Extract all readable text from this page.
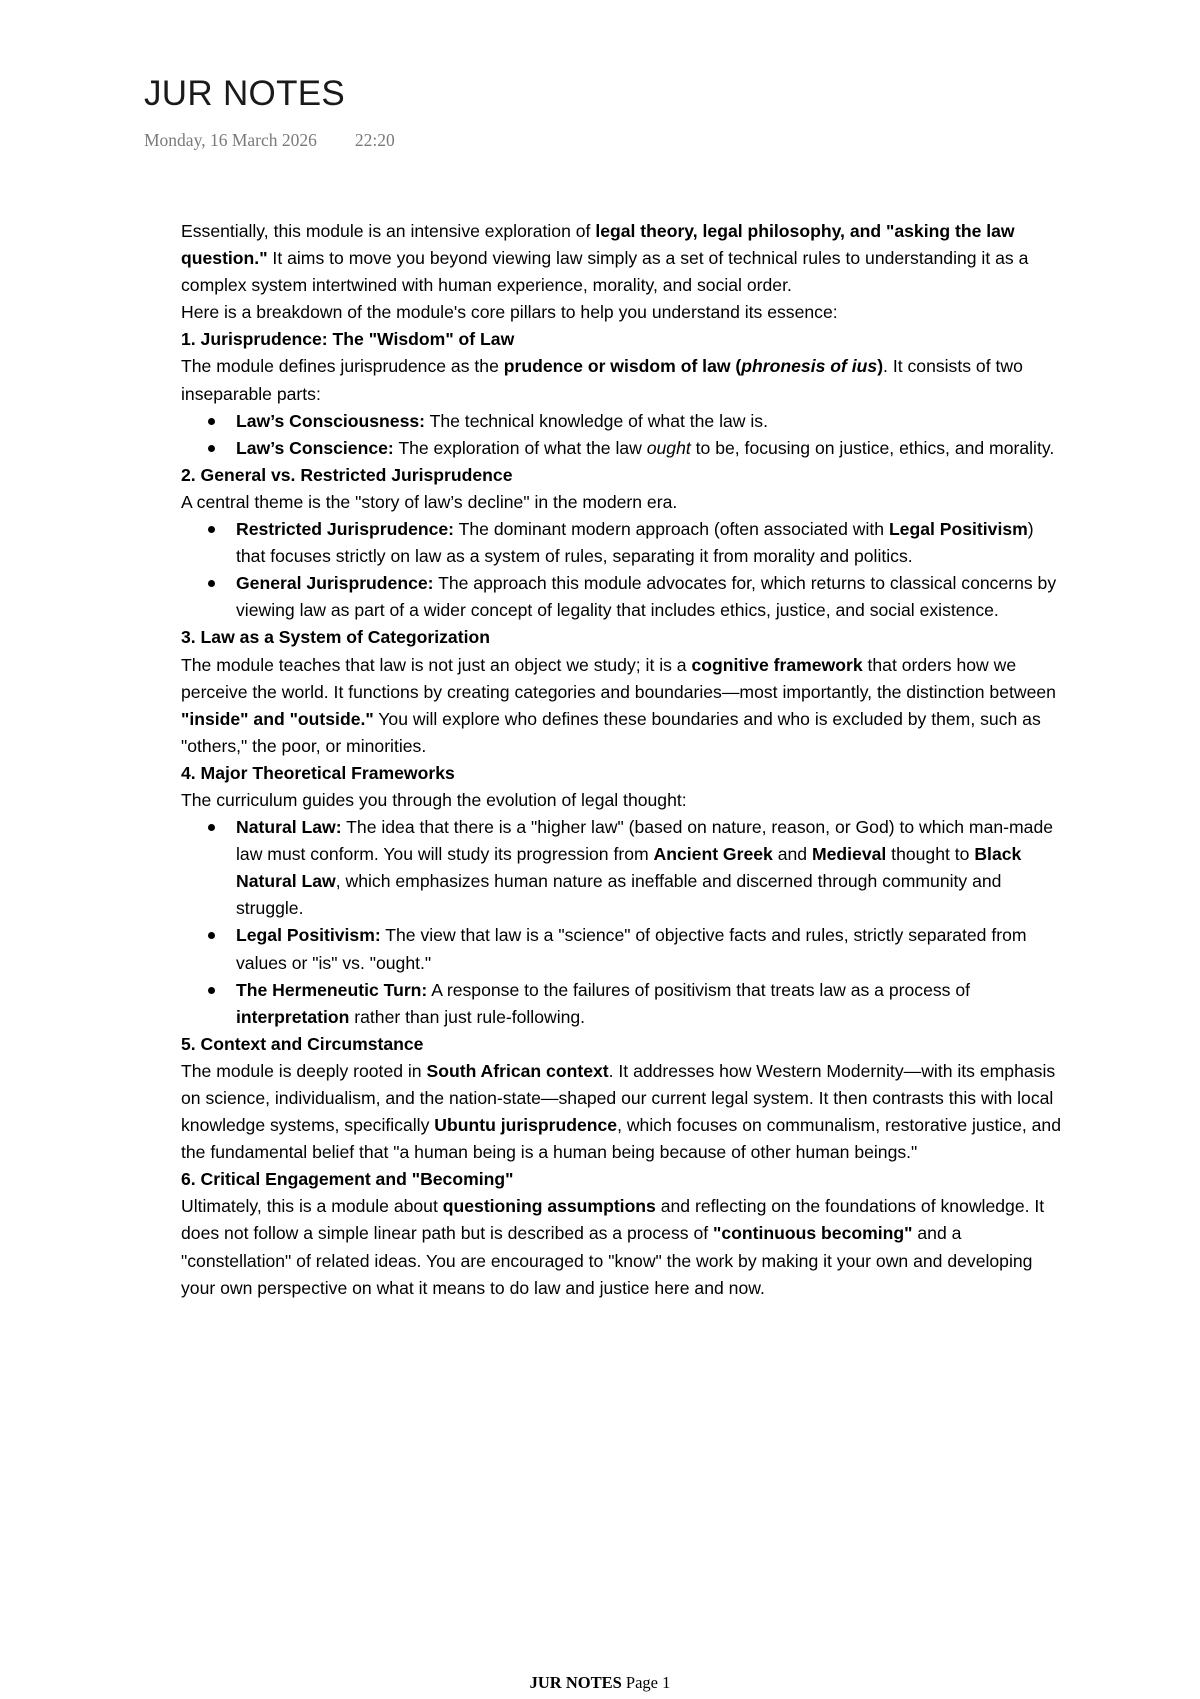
JUR NOTES
Monday, 16 March 2026 22:20

Essentially, this module is an intensive exploration of legal theory, legal philosophy, and "asking the law question." It aims to move you beyond viewing law simply as a set of technical rules to understanding it as a complex system intertwined with human experience, morality, and social order.

Here is a breakdown of the module's core pillars to help you understand its essence:

1. Jurisprudence: The "Wisdom" of Law

The module defines jurisprudence as the prudence or wisdom of law (phronesis of ius). It consists of two inseparable parts:

Law’s Consciousness: The technical knowledge of what the law is.
Law’s Conscience: The exploration of what the law ought to be, focusing on justice, ethics, and morality.

2. General vs. Restricted Jurisprudence

A central theme is the "story of law’s decline" in the modern era.

Restricted Jurisprudence: The dominant modern approach (often associated with Legal Positivism) that focuses strictly on law as a system of rules, separating it from morality and politics.
General Jurisprudence: The approach this module advocates for, which returns to classical concerns by viewing law as part of a wider concept of legality that includes ethics, justice, and social existence.

3. Law as a System of Categorization

The module teaches that law is not just an object we study; it is a cognitive framework that orders how we perceive the world. It functions by creating categories and boundaries—most importantly, the distinction between "inside" and "outside." You will explore who defines these boundaries and who is excluded by them, such as "others," the poor, or minorities.

4. Major Theoretical Frameworks

The curriculum guides you through the evolution of legal thought:

Natural Law: The idea that there is a "higher law" (based on nature, reason, or God) to which man-made law must conform. You will study its progression from Ancient Greek and Medieval thought to Black Natural Law, which emphasizes human nature as ineffable and discerned through community and struggle.
Legal Positivism: The view that law is a "science" of objective facts and rules, strictly separated from values or "is" vs. "ought."
The Hermeneutic Turn: A response to the failures of positivism that treats law as a process of interpretation rather than just rule-following.

5. Context and Circumstance

The module is deeply rooted in South African context. It addresses how Western Modernity—with its emphasis on science, individualism, and the nation-state—shaped our current legal system. It then contrasts this with local knowledge systems, specifically Ubuntu jurisprudence, which focuses on communalism, restorative justice, and the fundamental belief that "a human being is a human being because of other human beings."

6. Critical Engagement and "Becoming"

Ultimately, this is a module about questioning assumptions and reflecting on the foundations of knowledge. It does not follow a simple linear path but is described as a process of "continuous becoming" and a "constellation" of related ideas. You are encouraged to "know" the work by making it your own and developing your own perspective on what it means to do law and justice here and now.

JUR NOTES Page 1
